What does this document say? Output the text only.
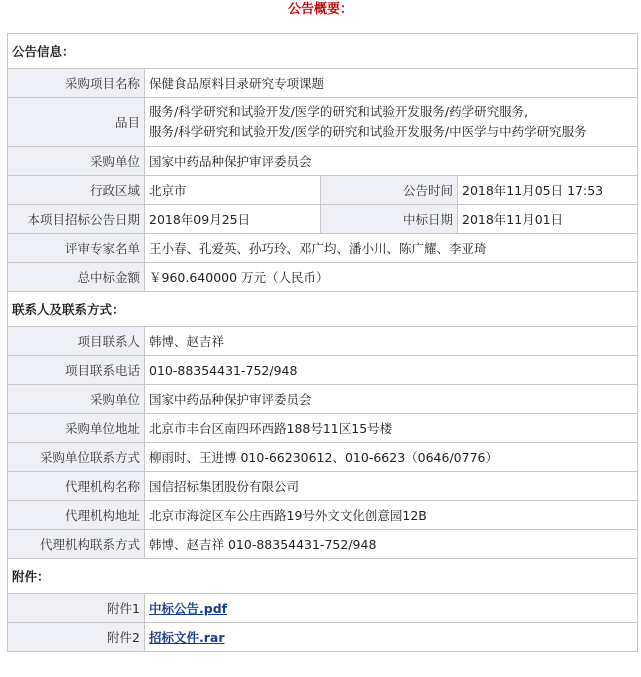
公告概要：
公告信息：			
采购项目名称	保健食品原料目录研究专项课题		
品目	服务/科学研究和试验开发/医学的研究和试验开发服务/药学研究服务,
服务/科学研究和试验开发/医学的研究和试验开发服务/中医学与中药学研究服务		

采购单位	国家中药品种保护审评委员会		
行政区域	北京市	公告时间	2018年11月05日 17:53
本项目招标公告日期	2018年09月25日	中标日期	2018年11月01日
评审专家名单	王小春、孔爱英、孙巧玲、邓广均、潘小川、陈广耀、李亚琦		
总中标金额	￥960.640000 万元（人民币）		
联系人及联系方式：			
项目联系人	韩博、赵吉祥		
项目联系电话	010-88354431-752/948		
采购单位	国家中药品种保护审评委员会		
采购单位地址	北京市丰台区南四环西路188号11区15号楼		
采购单位联系方式	柳雨时、王进博 010-66230612、010-6623（0646/0776）		
代理机构名称	国信招标集团股份有限公司		
代理机构地址	北京市海淀区车公庄西路19号外文文化创意园12B		
代理机构联系方式	韩博、赵吉祥 010-88354431-752/948		
附件：			
附件1	中标公告.pdf		
附件2	招标文件.rar		
